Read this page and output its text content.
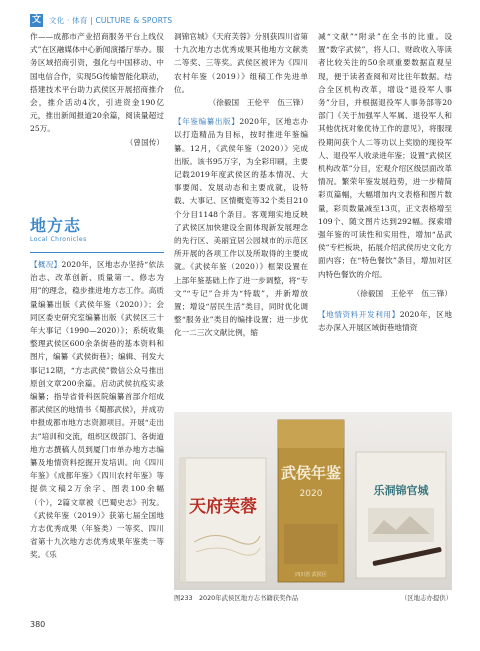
文 文化 · 体育 | CULTURE & SPORTS

作——成都市产业招商服务平台上线仪式”在区融媒体中心新闻演播厅举办。服务区域招商引资，强化与中国移动、中国电信合作，实现5G传输智能化联动，搭建技术平台助力武侯区开展招商推介会，推介活动4次，引进资金190亿元，推出新闻报道20余篇，阅读量超过25万。

（曾国传）

地方志
Local Chronicles

【概况】2020年，区地志办坚持“依法治志、改革创新、质量第一、修志为用”的理念，稳步推进地方志工作。高质量编纂出版《武侯年鉴（2020）》；会同区委史研究室编纂出版《武侯区三十年大事记（1990—2020）》；系统收集整理武侯区600余条街巷的基本资料和图片，编纂《武侯街巷》；编辑、刊发大事记12期，“方志武侯”微信公众号推出原创文章200余篇。启动武侯抗疫实录编纂；指导省骨科医院编纂首部介绍成都武侯区的地情书《蜀都武侯》，并成功申报成都市地方志资源项目。开展“走出去”培训和交流，组织区级部门、各街道地方志撰稿人员到厦门市单办地方志编纂及地情资料挖掘开发培训。向《四川年鉴》《成都年鉴》《四川农村年鉴》等提供文稿2万余字、图表100余幅（个），2篇文章被《巴蜀史志》刊发。《武侯年鉴（2019）》获第七届全国地方志优秀成果（年鉴类）一等奖、四川省第十九次地方志优秀成果年鉴类一等奖。《乐

洞锦官城》《天府芙蓉》分别获四川省第十九次地方志优秀成果其他地方文献类二等奖、三等奖。武侯区被评为《四川农村年鉴（2019）》组稿工作先进单位。

（徐毅国　王伦平　伍三锋）

【年鉴编纂出版】2020年，区地志办以打造精品为目标，按时推进年鉴编纂。12月，《武侯年鉴（2020）》完成出版。该书95万字，为全彩印刷，主要记载2019年度武侯区的基本情况、大事要闻、发展动态和主要成就，设特载、大事记、区情概览等32个类目210个分目1148个条目。客观翔实地反映了武侯区加快建设全面体现新发展理念的先行区、美丽宜居公园城市的示范区所开展的各项工作以及所取得的主要成就。《武侯年鉴（2020）》框架设置在上部年鉴基础上作了进一步调整，将“专文”“专记”合并为“特载”，并新增放置；增设“居民生活”类目，同时优化调整“服务业”类目的编排设置；进一步优化一二三次文献比例，缩

减“文献”“附录”在全书的比重。设置“数字武侯”，将人口、财政收入等读者比较关注的50余项重要数据直观呈现，便于读者查阅和对比往年数据。结合全区机构改革，增设“退役军人事务”分目，并根据退役军人事务部等20部门《关于加强军人军属、退役军人和其他优抚对象优待工作的意见》，将服现役期间获个人二等功以上奖励的现役军人、退役军人收录进年鉴；设置“武侯区机构改革”分目，宏观介绍区级层面改革情况。繁荣年鉴发展趋势，进一步精简彩页篇幅，大幅增加内文表格和图片数量，彩页数量减至13页，正文表格增至109个、随文图片达到292幅。探索增强年鉴的可读性和实用性，增加“品武侯”专栏板块，拓展介绍武侯历史文化方面内容；在“特色餐饮”条目，增加对区内特色餐饮的介绍。

（徐毅国　王伦平　伍三锋）

【地情资料开发利用】2020年，区地志办深入开展区域街巷地情资

天府芙蓉
武侯年鉴
2020
四川省 武侯区
乐洞锦官城
图233　2020年武侯区地方志书籍获奖作品	（区地志办提供）
380
